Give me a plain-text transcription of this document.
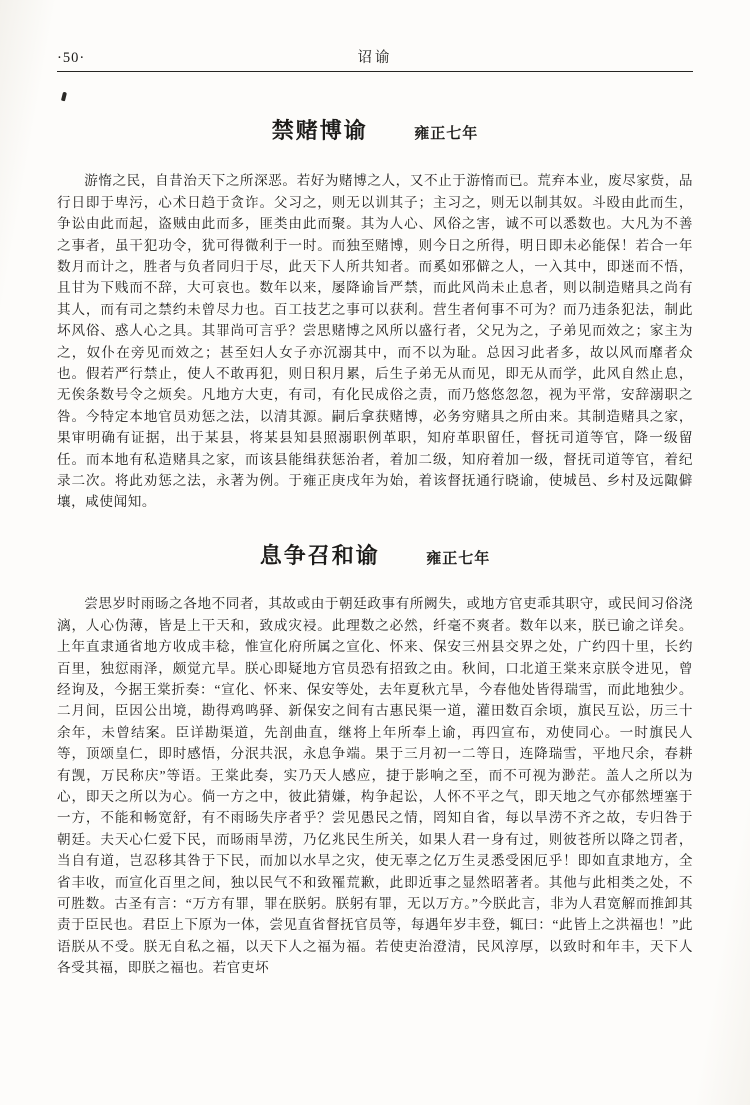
·50·	诏谕
禁赌博谕	雍正七年

游惰之民，自昔治天下之所深恶。若好为赌博之人，又不止于游惰而已。荒弃本业，废尽家赀，品行日即于卑污，心术日趋于贪诈。父习之，则无以训其子；主习之，则无以制其奴。斗殴由此而生，争讼由此而起，盗贼由此而多，匪类由此而聚。其为人心、风俗之害，诚不可以悉数也。大凡为不善之事者，虽干犯功令，犹可得微利于一时。而独至赌博，则今日之所得，明日即未必能保！若合一年数月而计之，胜者与负者同归于尽，此天下人所共知者。而奚如邪僻之人，一入其中，即迷而不悟，且甘为下贱而不辞，大可哀也。数年以来，屡降谕旨严禁，而此风尚未止息者，则以制造赌具之尚有其人，而有司之禁约未曾尽力也。百工技艺之事可以获利。营生者何事不可为？而乃违条犯法，制此坏风俗、惑人心之具。其罪尚可言乎？尝思赌博之风所以盛行者，父兄为之，子弟见而效之；家主为之，奴仆在旁见而效之；甚至妇人女子亦沉溺其中，而不以为耻。总因习此者多，故以风而靡者众也。假若严行禁止，使人不敢再犯，则日积月累，后生子弟无从而见，即无从而学，此风自然止息，无俟条数号令之烦矣。凡地方大吏，有司，有化民成俗之责，而乃悠悠忽忽，视为平常，安辞溺职之咎。今特定本地官员劝惩之法，以清其源。嗣后拿获赌博，必务穷赌具之所由来。其制造赌具之家，果审明确有证据，出于某县，将某县知县照溺职例革职，知府革职留任，督抚司道等官，降一级留任。而本地有私造赌具之家，而该县能缉获惩治者，着加二级，知府着加一级，督抚司道等官，着纪录二次。将此劝惩之法，永著为例。于雍正庚戌年为始，着该督抚通行晓谕，使城邑、乡村及远陬僻壤，咸使闻知。

息争召和谕	雍正七年

尝思岁时雨旸之各地不同者，其故或由于朝廷政事有所阙失，或地方官吏乖其职守，或民间习俗浇漓，人心伪薄，皆是上干天和，致成灾祲。此理数之必然，纤毫不爽者。数年以来，朕已谕之详矣。上年直隶通省地方收成丰稔，惟宣化府所属之宣化、怀来、保安三州县交界之处，广约四十里，长约百里，独愆雨泽，颇觉亢旱。朕心即疑地方官员恐有招致之由。秋间，口北道王棠来京朕令进见，曾经询及，今据王棠折奏：“宣化、怀来、保安等处，去年夏秋亢旱，今春他处皆得瑞雪，而此地独少。二月间，臣因公出境，勘得鸡鸣驿、新保安之间有古惠民渠一道，灌田数百余顷，旗民互讼，历三十余年，未曾结案。臣详勘渠道，先剖曲直，继将上年所奉上谕，再四宣布，劝使同心。一时旗民人等，顶颂皇仁，即时感悟，分泯共泯，永息争端。果于三月初一二等日，连降瑞雪，平地尺余，春耕有觊，万民称庆”等语。王棠此奏，实乃天人感应，捷于影响之至，而不可视为渺茫。盖人之所以为心，即天之所以为心。倘一方之中，彼此猜嫌，构争起讼，人怀不平之气，即天地之气亦郁然堙塞于一方，不能和畅宽舒，有不雨旸失序者乎？尝见愚民之情，罔知自省，每以旱涝不齐之故，专归咎于朝廷。夫天心仁爱下民，而旸雨旱涝，乃亿兆民生所关，如果人君一身有过，则彼苍所以降之罚者，当自有道，岂忍移其咎于下民，而加以水旱之灾，使无辜之亿万生灵悉受困厄乎！即如直隶地方，全省丰收，而宣化百里之间，独以民气不和致罹荒歉，此即近事之显然昭著者。其他与此相类之处，不可胜数。古圣有言：“万方有罪，罪在朕躬。朕躬有罪，无以万方。”今朕此言，非为人君宽解而推卸其责于臣民也。君臣上下原为一体，尝见直省督抚官员等，每遇年岁丰登，辄曰：“此皆上之洪福也！”此语朕从不受。朕无自私之福，以天下人之福为福。若使吏治澄清，民风淳厚，以致时和年丰，天下人各受其福，即朕之福也。若官吏坏
